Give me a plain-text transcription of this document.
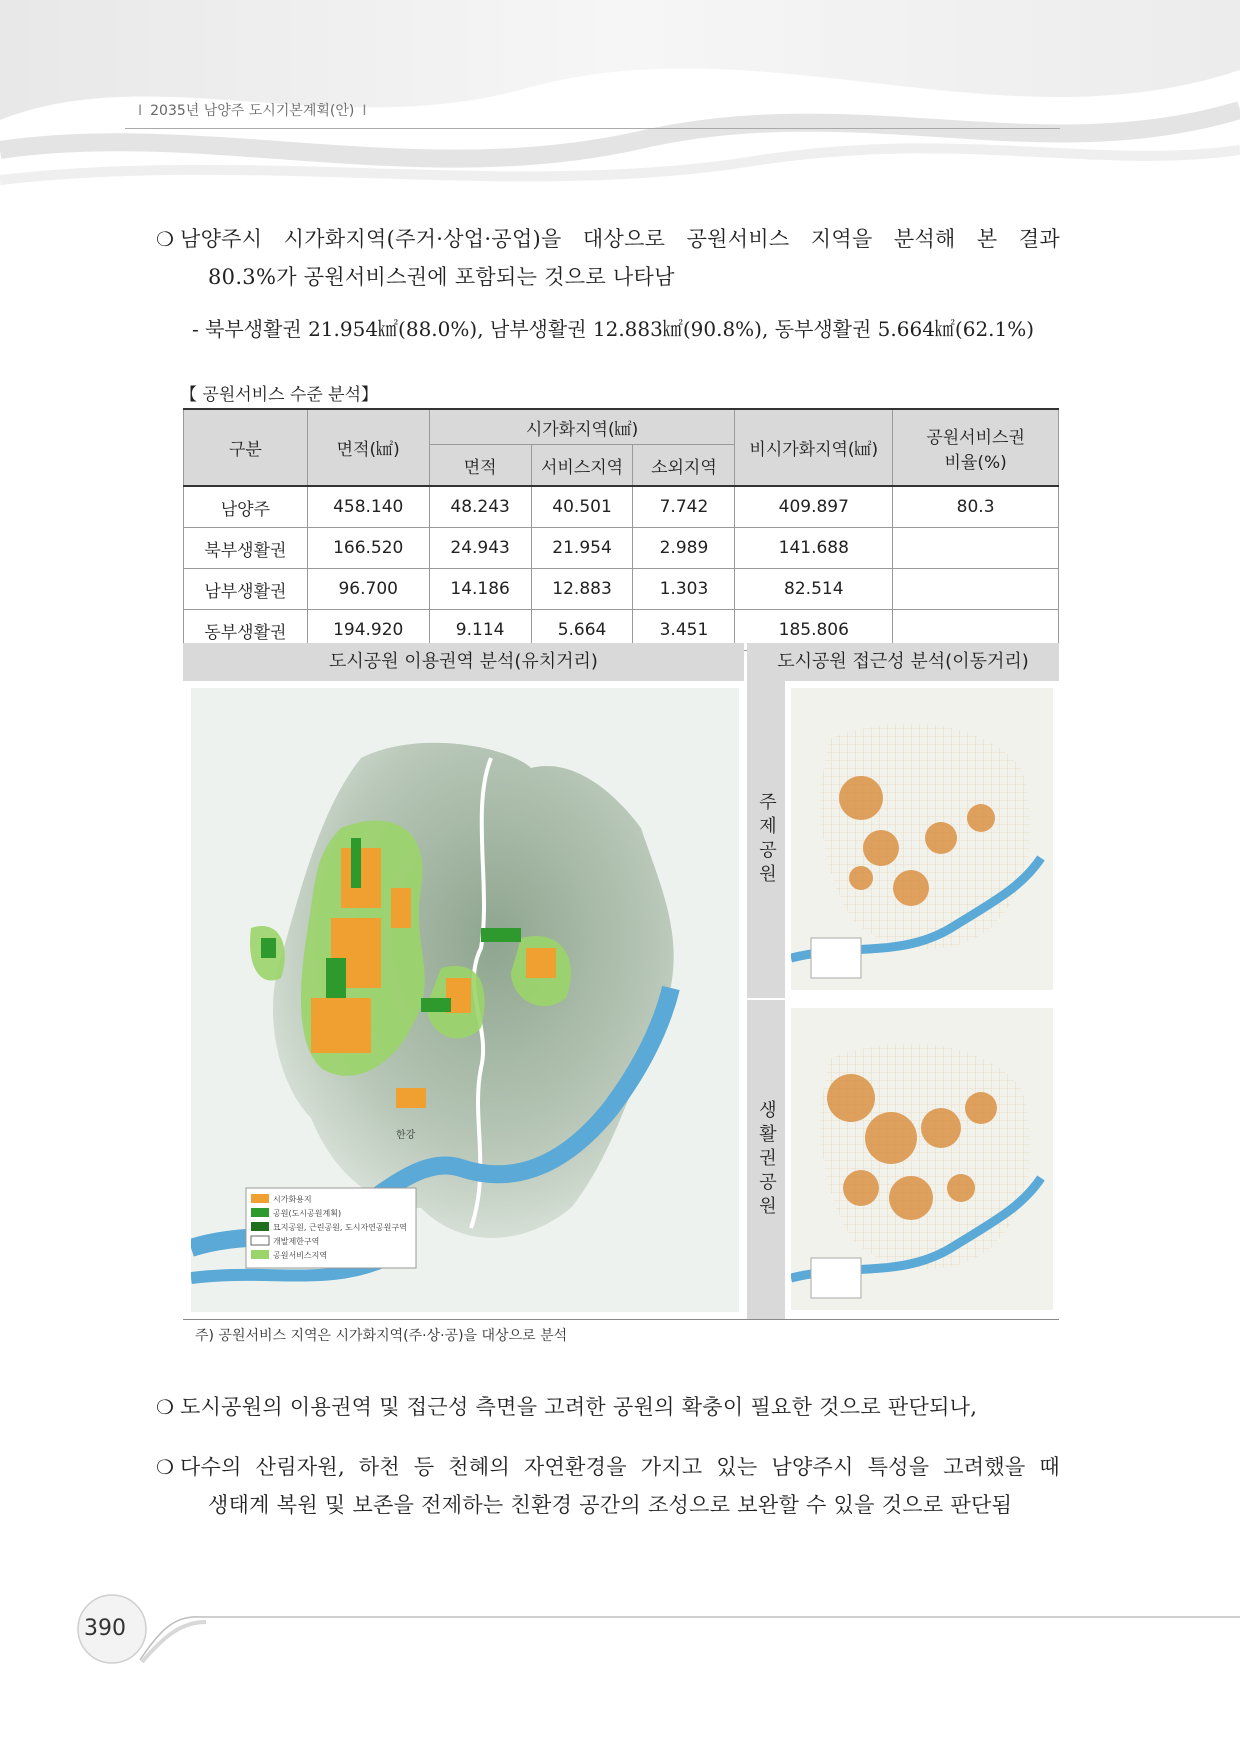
I 2035년 남양주 도시기본계획(안) I
❍ 남양주시 시가화지역(주거·상업·공업)을 대상으로 공원서비스 지역을 분석해 본 결과
80.3%가 공원서비스권에 포함되는 것으로 나타남
- 북부생활권 21.954㎢(88.0%), 남부생활권 12.883㎢(90.8%), 동부생활권 5.664㎢(62.1%)
【 공원서비스 수준 분석】
구분	면적(㎢)	시가화지역(㎢)			비시가화지역(㎢)	공원서비스권
비율(%)

		면적	서비스지역	소외지역		
남양주	458.140	48.243	40.501	7.742	409.897	80.3
북부생활권	166.520	24.943	21.954	2.989	141.688	
남부생활권	96.700	14.186	12.883	1.303	82.514	
동부생활권	194.920	9.114	5.664	3.451	185.806	
도시공원 이용권역 분석(유치거리)	도시공원 접근성 분석(이동거리)
한강
시가화용지
공원(도시공원계획)
묘지공원, 근린공원, 도시자연공원구역
개발제한구역
공원서비스지역
주제공원
생활권공원
주) 공원서비스 지역은 시가화지역(주·상·공)을 대상으로 분석
❍ 도시공원의 이용권역 및 접근성 측면을 고려한 공원의 확충이 필요한 것으로 판단되나,
❍ 다수의 산림자원, 하천 등 천혜의 자연환경을 가지고 있는 남양주시 특성을 고려했을 때
생태계 복원 및 보존을 전제하는 친환경 공간의 조성으로 보완할 수 있을 것으로 판단됨
390
